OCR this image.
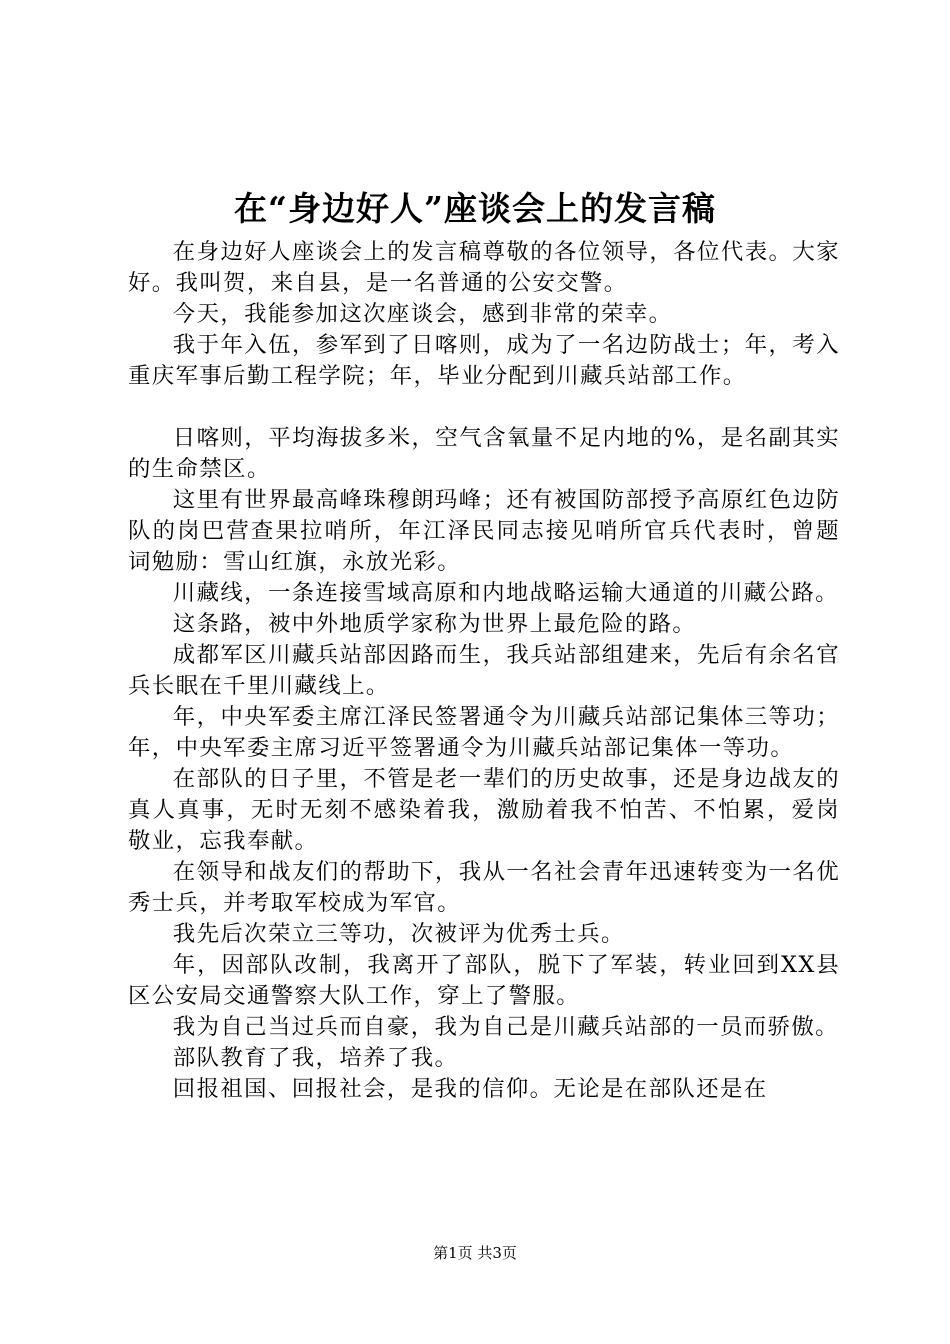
在“身边好人”座谈会上的发言稿

在身边好人座谈会上的发言稿尊敬的各位领导，各位代表。大家好。我叫贺，来自县，是一名普通的公安交警。

今天，我能参加这次座谈会，感到非常的荣幸。

我于年入伍，参军到了日喀则，成为了一名边防战士；年，考入重庆军事后勤工程学院；年，毕业分配到川藏兵站部工作。

日喀则，平均海拔多米，空气含氧量不足内地的%，是名副其实的生命禁区。

这里有世界最高峰珠穆朗玛峰；还有被国防部授予高原红色边防队的岗巴营查果拉哨所，年江泽民同志接见哨所官兵代表时，曾题词勉励：雪山红旗，永放光彩。

川藏线，一条连接雪域高原和内地战略运输大通道的川藏公路。

这条路，被中外地质学家称为世界上最危险的路。

成都军区川藏兵站部因路而生，我兵站部组建来，先后有余名官兵长眠在千里川藏线上。

年，中央军委主席江泽民签署通令为川藏兵站部记集体三等功；年，中央军委主席习近平签署通令为川藏兵站部记集体一等功。

在部队的日子里，不管是老一辈们的历史故事，还是身边战友的真人真事，无时无刻不感染着我，激励着我不怕苦、不怕累，爱岗敬业，忘我奉献。

在领导和战友们的帮助下，我从一名社会青年迅速转变为一名优秀士兵，并考取军校成为军官。

我先后次荣立三等功，次被评为优秀士兵。

年，因部队改制，我离开了部队，脱下了军装，转业回到XX县区公安局交通警察大队工作，穿上了警服。

我为自己当过兵而自豪，我为自己是川藏兵站部的一员而骄傲。

部队教育了我，培养了我。

回报祖国、回报社会，是我的信仰。无论是在部队还是在

第1页 共3页
